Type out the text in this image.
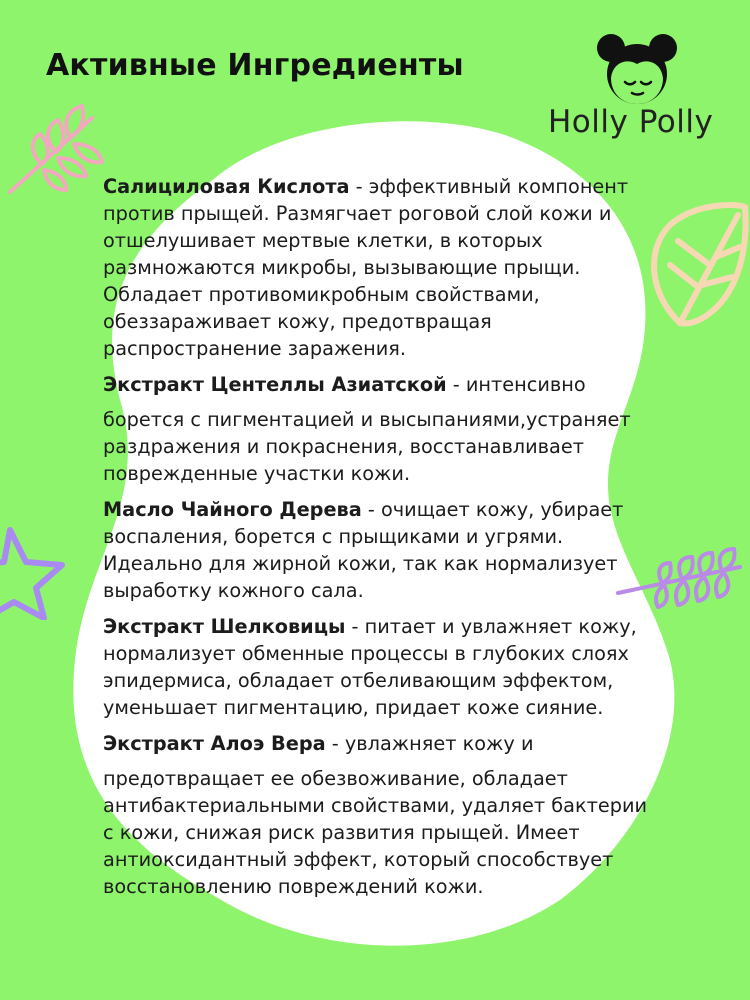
Активные Ингредиенты
Holly Polly

Салициловая Кислота - эффективный компонент против прыщей. Размягчает роговой слой кожи и отшелушивает мертвые клетки, в которых размножаются микробы, вызывающие прыщи. Обладает противомикробным свойствами, обеззараживает кожу, предотвращая распространение заражения.

Экстракт Центеллы Азиатской - интенсивно
борется с пигментацией и высыпаниями,устраняет раздражения и покраснения, восстанавливает поврежденные участки кожи.

Масло Чайного Дерева - очищает кожу, убирает воспаления, борется с прыщиками и угрями. Идеально для жирной кожи, так как нормализует выработку кожного сала.

Экстракт Шелковицы - питает и увлажняет кожу, нормализует обменные процессы в глубоких слоях эпидермиса, обладает отбеливающим эффектом, уменьшает пигментацию, придает коже сияние.

Экстракт Алоэ Вера - увлажняет кожу и
предотвращает ее обезвоживание, обладает антибактериальными свойствами, удаляет бактерии с кожи, снижая риск развития прыщей. Имеет антиоксидантный эффект, который способствует восстановлению повреждений кожи.
